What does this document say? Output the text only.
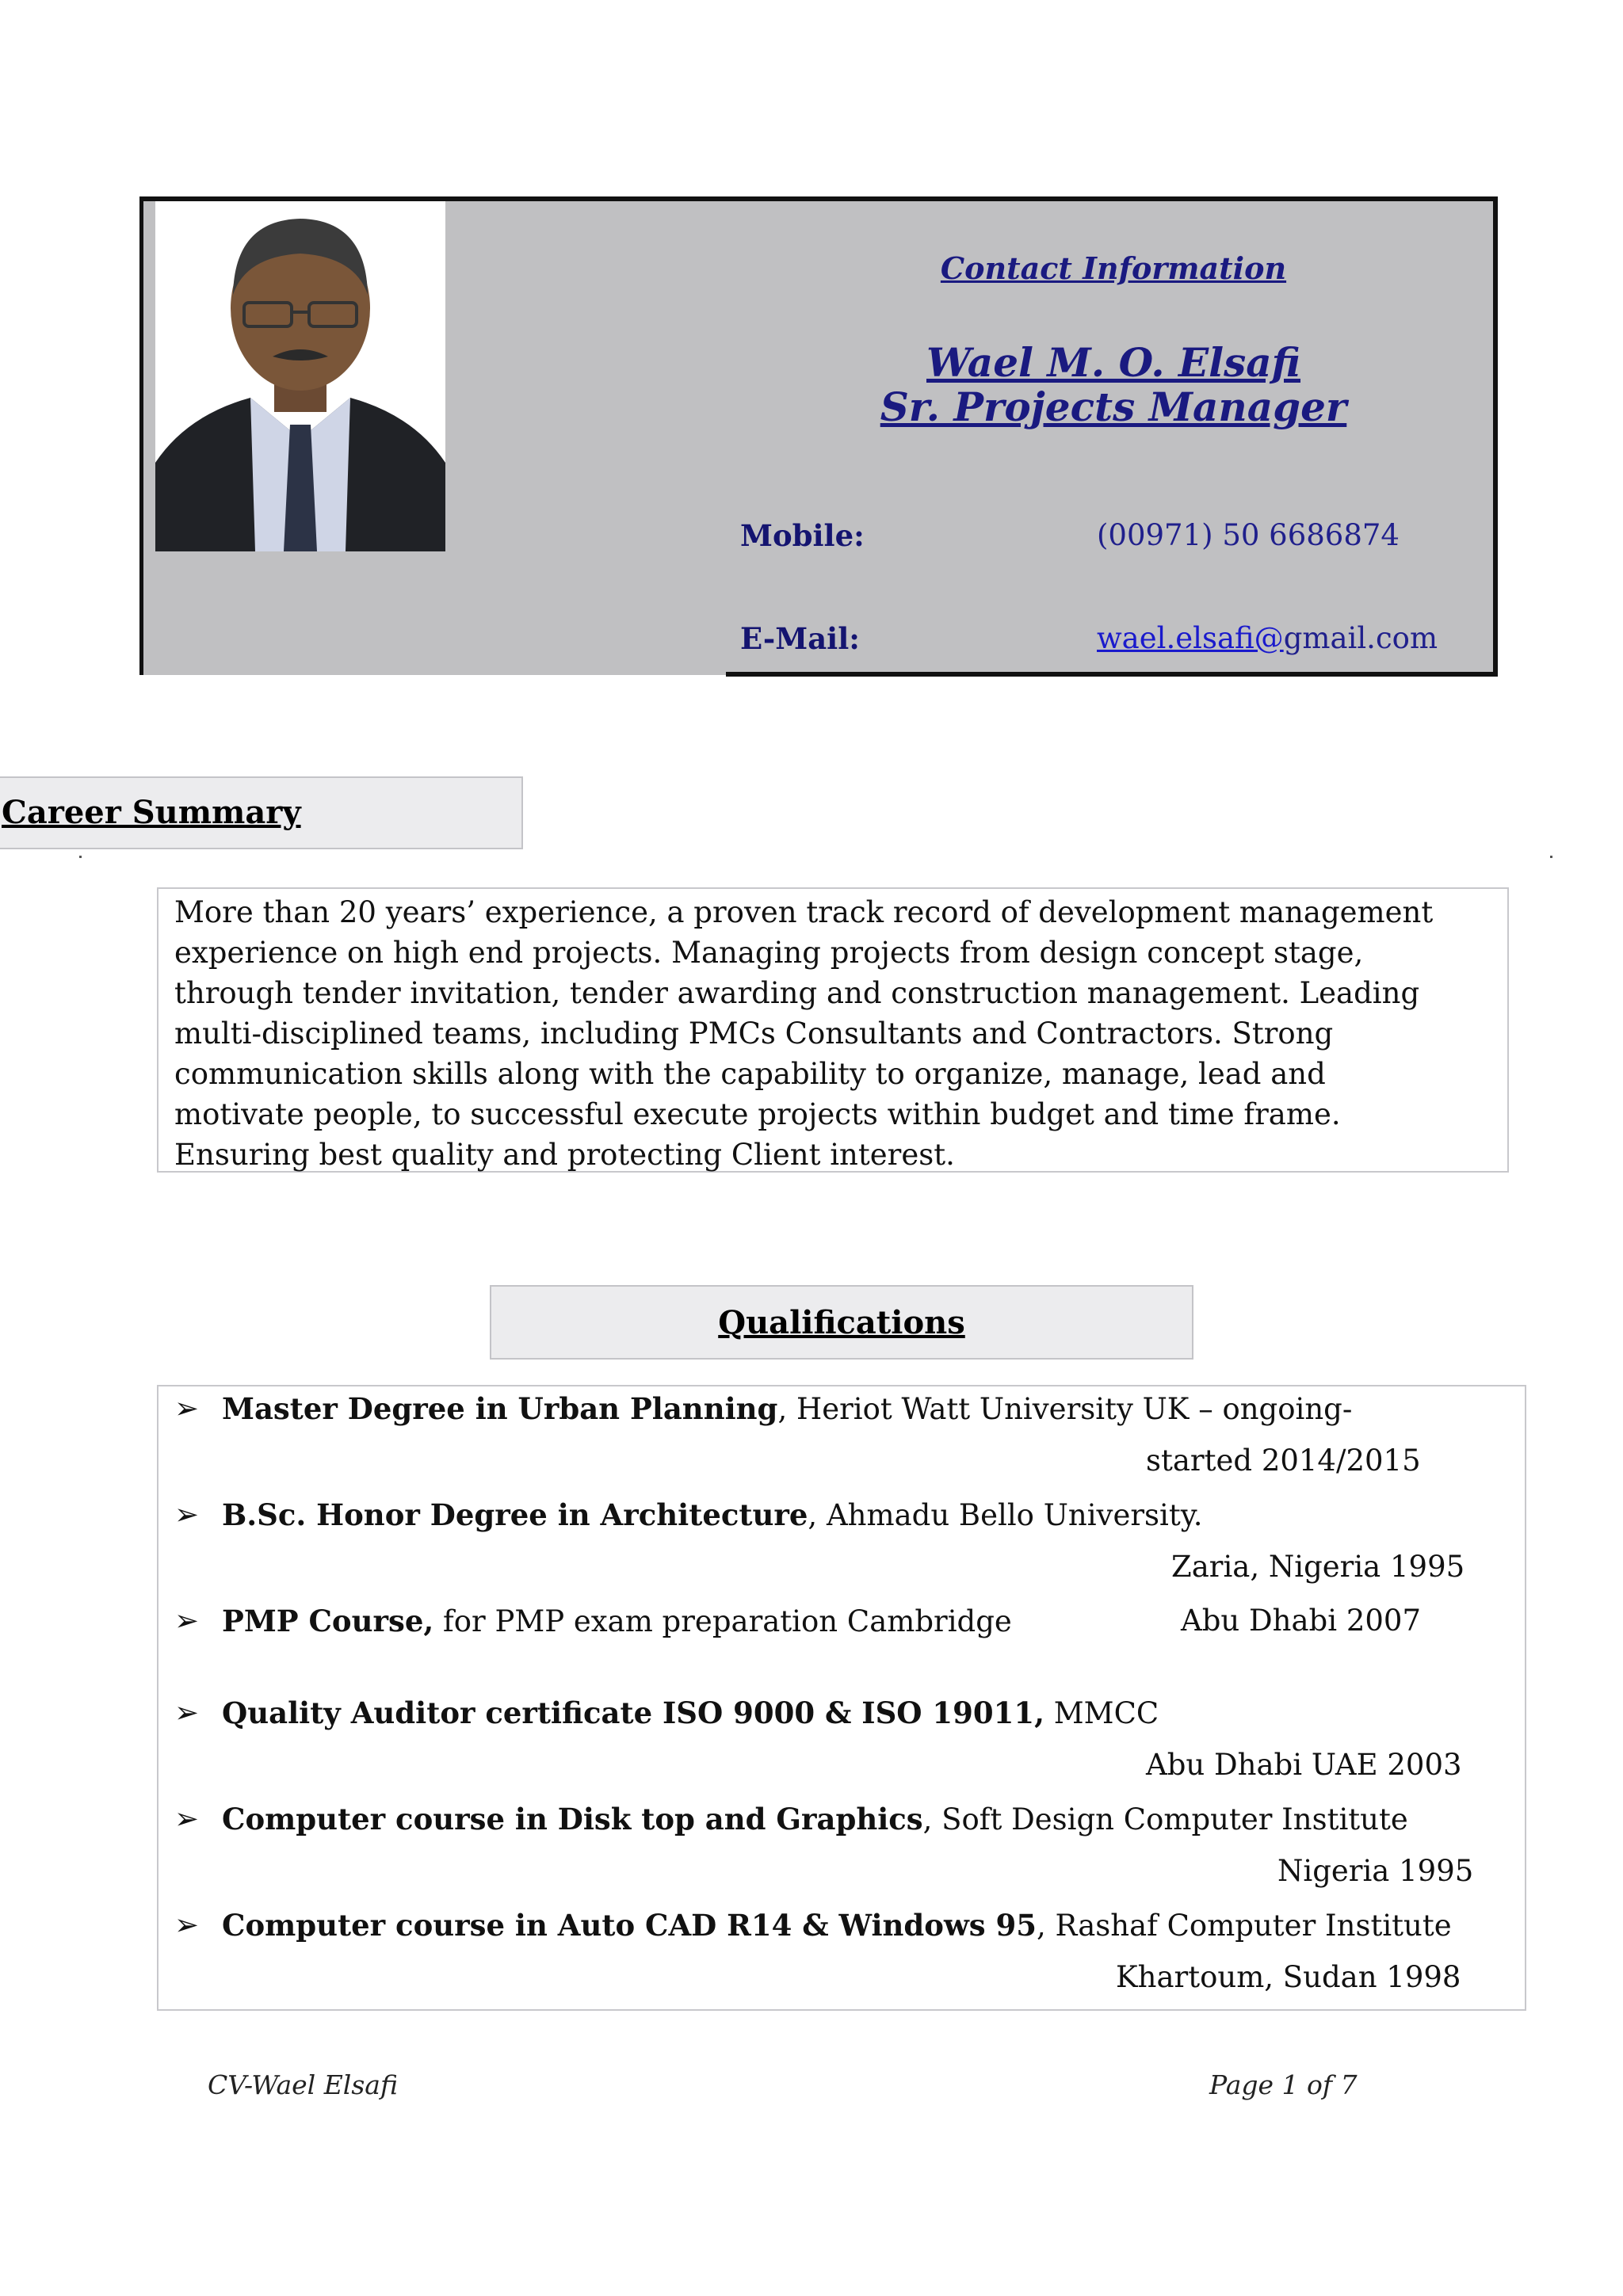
Contact Information
Wael M. O. Elsafi
Sr. Projects Manager
Mobile:	(00971) 50 6686874
E-Mail:	wael.elsafi@gmail.com
Career Summary
More than 20 years’ experience, a proven track record of development management
experience on high end projects. Managing projects from design concept stage,
through tender invitation, tender awarding and construction management. Leading
multi-disciplined teams, including PMCs Consultants and Contractors. Strong
communication skills along with the capability to organize, manage, lead and
motivate people, to successful execute projects within budget and time frame.
Ensuring best quality and protecting Client interest.
Qualifications
➢ Master Degree in Urban Planning, Heriot Watt University UK – ongoing-
started 2014/2015
➢ B.Sc. Honor Degree in Architecture, Ahmadu Bello University.
Zaria, Nigeria 1995
➢ PMP Course, for PMP exam preparation Cambridge	Abu Dhabi 2007
➢ Quality Auditor certificate ISO 9000 & ISO 19011, MMCC
Abu Dhabi UAE 2003
➢ Computer course in Disk top and Graphics, Soft Design Computer Institute
Nigeria 1995
➢ Computer course in Auto CAD R14 & Windows 95, Rashaf Computer Institute
Khartoum, Sudan 1998
CV-Wael Elsafi	Page 1 of 7
